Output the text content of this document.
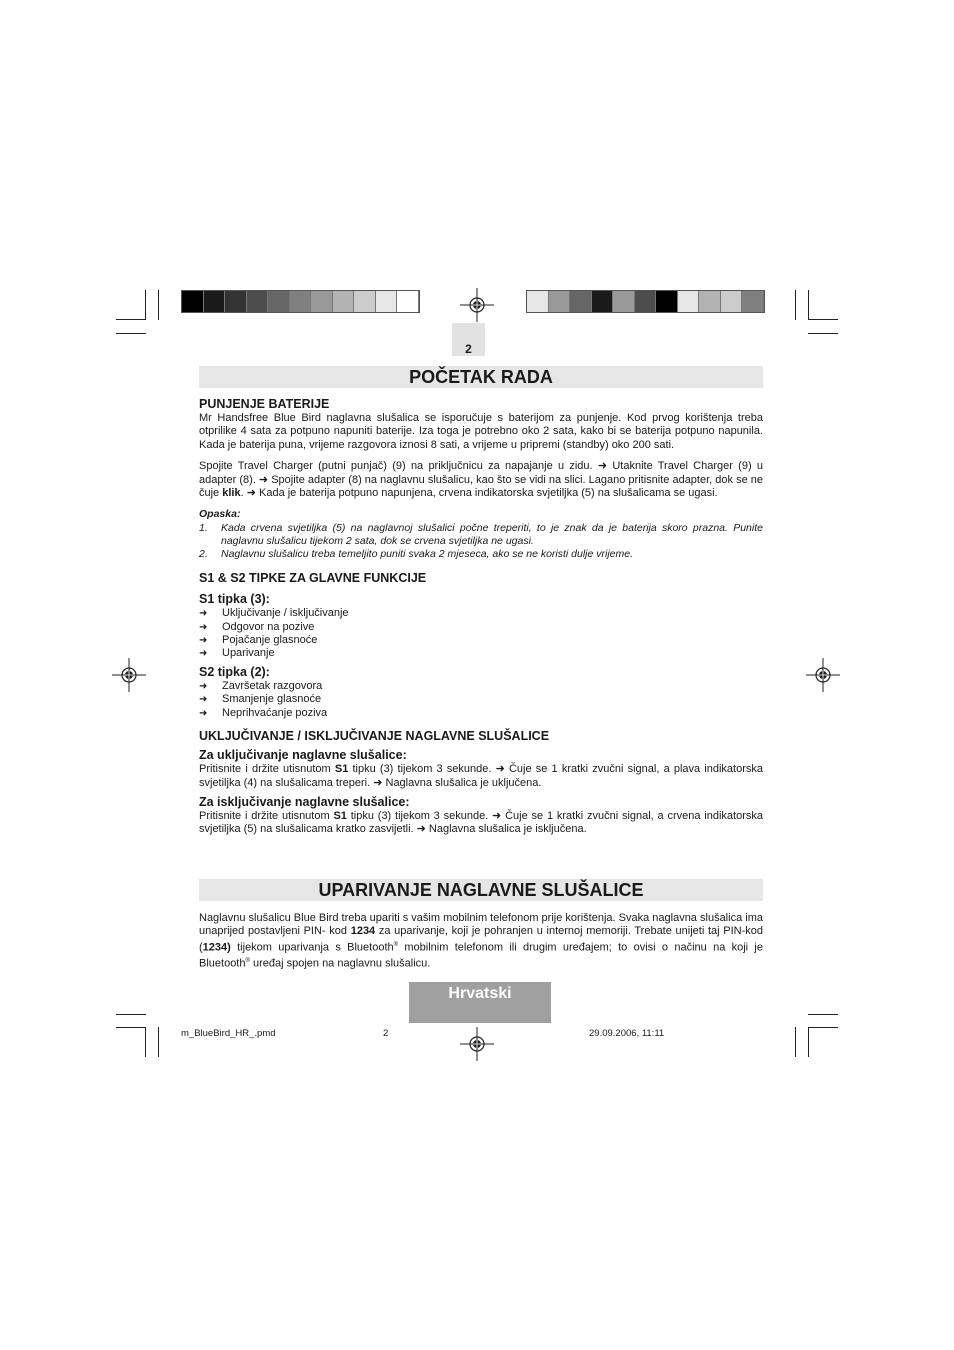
2
POČETAK RADA
PUNJENJE BATERIJE

Mr Handsfree Blue Bird naglavna slušalica se isporučuje s baterijom za punjenje. Kod prvog korištenja treba otprilike 4 sata za potpuno napuniti baterije. Iza toga je potrebno oko 2 sata, kako bi se baterija potpuno napunila. Kada je baterija puna, vrijeme razgovora iznosi 8 sati, a vrijeme u pripremi (standby) oko 200 sati.

Spojite Travel Charger (putni punjač) (9) na priključnicu za napajanje u zidu. ➜ Utaknite Travel Charger (9) u adapter (8). ➜ Spojite adapter (8) na naglavnu slušalicu, kao što se vidi na slici. Lagano pritisnite adapter, dok se ne čuje klik. ➜ Kada je baterija potpuno napunjena, crvena indikatorska svjetiljka (5) na slušalicama se ugasi.

Opaska:
1.	Kada crvena svjetiljka (5) na naglavnoj slušalici počne treperiti, to je znak da je baterija skoro prazna. Punite naglavnu slušalicu tijekom 2 sata, dok se crvena svjetiljka ne ugasi.
2.	Naglavnu slušalicu treba temeljito puniti svaka 2 mjeseca, ako se ne koristi dulje vrijeme.
S1 & S2 TIPKE ZA GLAVNE FUNKCIJE
S1 tipka (3):
➜	Uključivanje / isključivanje
➜	Odgovor na pozive
➜	Pojačanje glasnoće
➜	Uparivanje
S2 tipka (2):
➜	Završetak razgovora
➜	Smanjenje glasnoće
➜	Neprihvaćanje poziva
UKLJUČIVANJE / ISKLJUČIVANJE NAGLAVNE SLUŠALICE
Za uključivanje naglavne slušalice:

Pritisnite i držite utisnutom S1 tipku (3) tijekom 3 sekunde. ➜ Čuje se 1 kratki zvučni signal, a plava indikatorska svjetiljka (4) na slušalicama treperi. ➜ Naglavna slušalica je uključena.

Za isključivanje naglavne slušalice:

Pritisnite i držite utisnutom S1 tipku (3) tijekom 3 sekunde. ➜ Čuje se 1 kratki zvučni signal, a crvena indikatorska svjetiljka (5) na slušalicama kratko zasvijetli. ➜ Naglavna slušalica je isključena.

UPARIVANJE NAGLAVNE SLUŠALICE

Naglavnu slušalicu Blue Bird treba upariti s vašim mobilnim telefonom prije korištenja. Svaka naglavna slušalica ima unaprijed postavljeni PIN- kod 1234 za uparivanje, koji je pohranjen u internoj memoriji. Trebate unijeti taj PIN-kod (1234) tijekom uparivanja s Bluetooth® mobilnim telefonom ili drugim uređajem; to ovisi o načinu na koji je Bluetooth® uređaj spojen na naglavnu slušalicu.

Hrvatski
m_BlueBird_HR_.pmd	2	29.09.2006, 11:11
